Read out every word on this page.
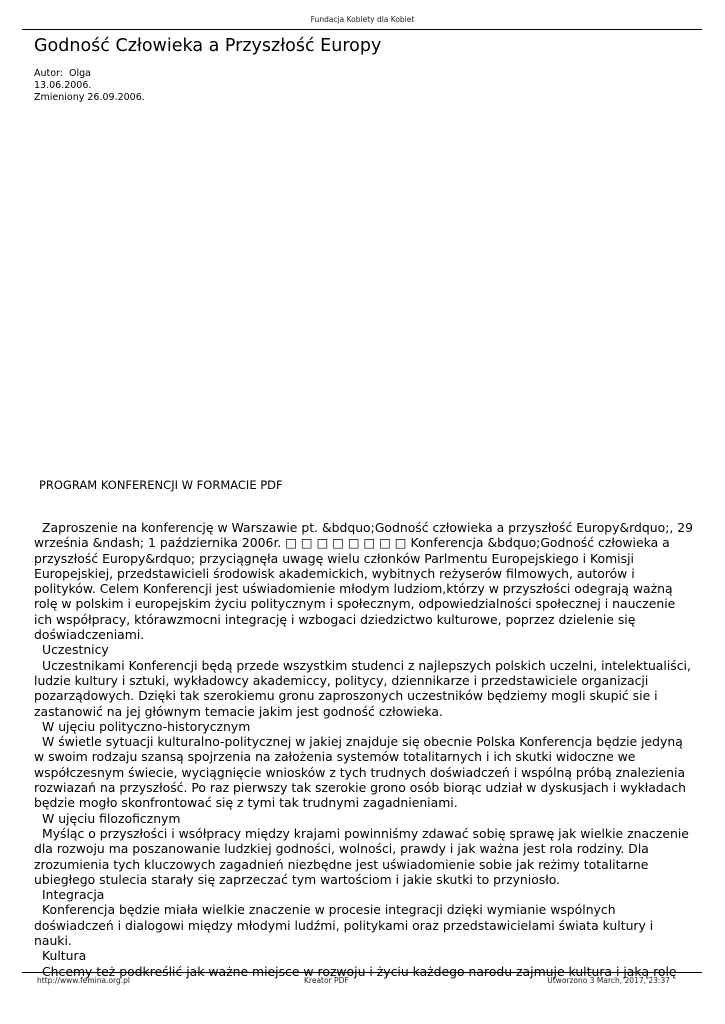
Fundacja Kobiety dla Kobiet
Godność Człowieka a Przyszłość Europy
Autor:  Olga
13.06.2006.
Zmieniony 26.09.2006.
PROGRAM KONFERENCJI W FORMACIE PDF

Zaproszenie na konferencję w Warszawie pt. &bdquo;Godność człowieka a przyszłość Europy&rdquo;, 29 września &ndash; 1 października 2006r. □ □ □ □ □ □ □ □ Konferencja &bdquo;Godność człowieka a przyszłość Europy&rdquo; przyciągnęła uwagę wielu członków Parlmentu Europejskiego i Komisji Europejskiej, przedstawicieli środowisk akademickich, wybitnych reżyserów filmowych, autorów i polityków. Celem Konferencji jest uświadomienie młodym ludziom,którzy w przyszłości odegrają ważną rolę w polskim i europejskim życiu politycznym i społecznym, odpowiedzialności społecznej i nauczenie ich współpracy, którawzmocni integrację i wzbogaci dziedzictwo kulturowe, poprzez dzielenie się doświadczeniami.

Uczestnicy

Uczestnikami Konferencji będą przede wszystkim studenci z najlepszych polskich uczelni, intelektualiści, ludzie kultury i sztuki, wykładowcy akademiccy, politycy, dziennikarze i przedstawiciele organizacji pozarządowych. Dzięki tak szerokiemu gronu zaproszonych uczestników będziemy mogli skupić sie i zastanowić na jej głównym temacie jakim jest godność człowieka.

W ujęciu polityczno-historycznym

W świetle sytuacji kulturalno-politycznej w jakiej znajduje się obecnie Polska Konferencja będzie jedyną w swoim rodzaju szansą spojrzenia na założenia systemów totalitarnych i ich skutki widoczne we współczesnym świecie, wyciągnięcie wniosków z tych trudnych doświadczeń i wspólną próbą znalezienia rozwiazań na przyszłość. Po raz pierwszy tak szerokie grono osób biorąc udział w dyskusjach i wykładach będzie mogło skonfrontować się z tymi tak trudnymi zagadnieniami.

W ujęciu filozoficznym

Myśląc o przyszłości i wsółpracy między krajami powinniśmy zdawać sobię sprawę jak wielkie znaczenie dla rozwoju ma poszanowanie ludzkiej godności, wolności, prawdy i jak ważna jest rola rodziny. Dla zrozumienia tych kluczowych zagadnień niezbędne jest uświadomienie sobie jak reżimy totalitarne ubiegłego stulecia starały się zaprzeczać tym wartościom i jakie skutki to przyniosło.

Integracja

Konferencja będzie miała wielkie znaczenie w procesie integracji dzięki wymianie wspólnych doświadczeń i dialogowi między młodymi ludźmi, politykami oraz przedstawicielami świata kultury i nauki.

Kultura

Chcemy też podkreślić jak ważne miejsce w rozwoju i życiu każdego narodu zajmuje kultura i jaką rolę

http://www.femina.org.pl	Kreator PDF	Utworzono 3 March, 2017, 23:37
